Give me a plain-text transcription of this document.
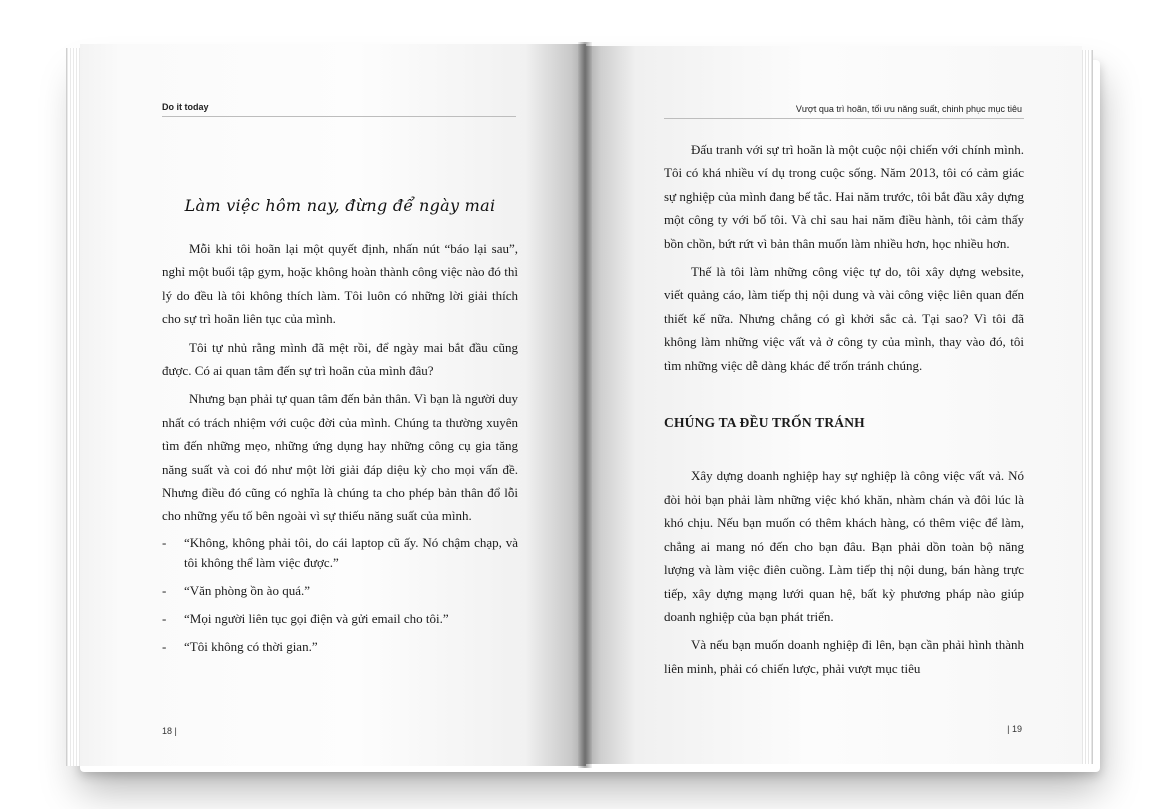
Do it today
Làm việc hôm nay, đừng để ngày mai

Mỗi khi tôi hoãn lại một quyết định, nhấn nút “báo lại sau”, nghỉ một buổi tập gym, hoặc không hoàn thành công việc nào đó thì lý do đều là tôi không thích làm. Tôi luôn có những lời giải thích cho sự trì hoãn liên tục của mình.

Tôi tự nhủ rằng mình đã mệt rồi, để ngày mai bắt đầu cũng được. Có ai quan tâm đến sự trì hoãn của mình đâu?

Nhưng bạn phải tự quan tâm đến bản thân. Vì bạn là người duy nhất có trách nhiệm với cuộc đời của mình. Chúng ta thường xuyên tìm đến những mẹo, những ứng dụng hay những công cụ gia tăng năng suất và coi đó như một lời giải đáp diệu kỳ cho mọi vấn đề. Nhưng điều đó cũng có nghĩa là chúng ta cho phép bản thân đổ lỗi cho những yếu tố bên ngoài vì sự thiếu năng suất của mình.

- “Không, không phải tôi, do cái laptop cũ ấy. Nó chậm chạp, và tôi không thể làm việc được.”
- “Văn phòng ồn ào quá.”
- “Mọi người liên tục gọi điện và gửi email cho tôi.”
- “Tôi không có thời gian.”
18 |
Vượt qua trì hoãn, tối ưu năng suất, chinh phục mục tiêu

Đấu tranh với sự trì hoãn là một cuộc nội chiến với chính mình. Tôi có khá nhiều ví dụ trong cuộc sống. Năm 2013, tôi có cảm giác sự nghiệp của mình đang bế tắc. Hai năm trước, tôi bắt đầu xây dựng một công ty với bố tôi. Và chỉ sau hai năm điều hành, tôi cảm thấy bồn chồn, bứt rứt vì bản thân muốn làm nhiều hơn, học nhiều hơn.

Thế là tôi làm những công việc tự do, tôi xây dựng website, viết quảng cáo, làm tiếp thị nội dung và vài công việc liên quan đến thiết kế nữa. Nhưng chẳng có gì khởi sắc cả. Tại sao? Vì tôi đã không làm những việc vất vả ở công ty của mình, thay vào đó, tôi tìm những việc dễ dàng khác để trốn tránh chúng.

CHÚNG TA ĐỀU TRỐN TRÁNH

Xây dựng doanh nghiệp hay sự nghiệp là công việc vất vả. Nó đòi hỏi bạn phải làm những việc khó khăn, nhàm chán và đôi lúc là khó chịu. Nếu bạn muốn có thêm khách hàng, có thêm việc để làm, chẳng ai mang nó đến cho bạn đâu. Bạn phải dồn toàn bộ năng lượng và làm việc điên cuồng. Làm tiếp thị nội dung, bán hàng trực tiếp, xây dựng mạng lưới quan hệ, bất kỳ phương pháp nào giúp doanh nghiệp của bạn phát triển.

Và nếu bạn muốn doanh nghiệp đi lên, bạn cần phải hình thành liên minh, phải có chiến lược, phải vượt mục tiêu

| 19
